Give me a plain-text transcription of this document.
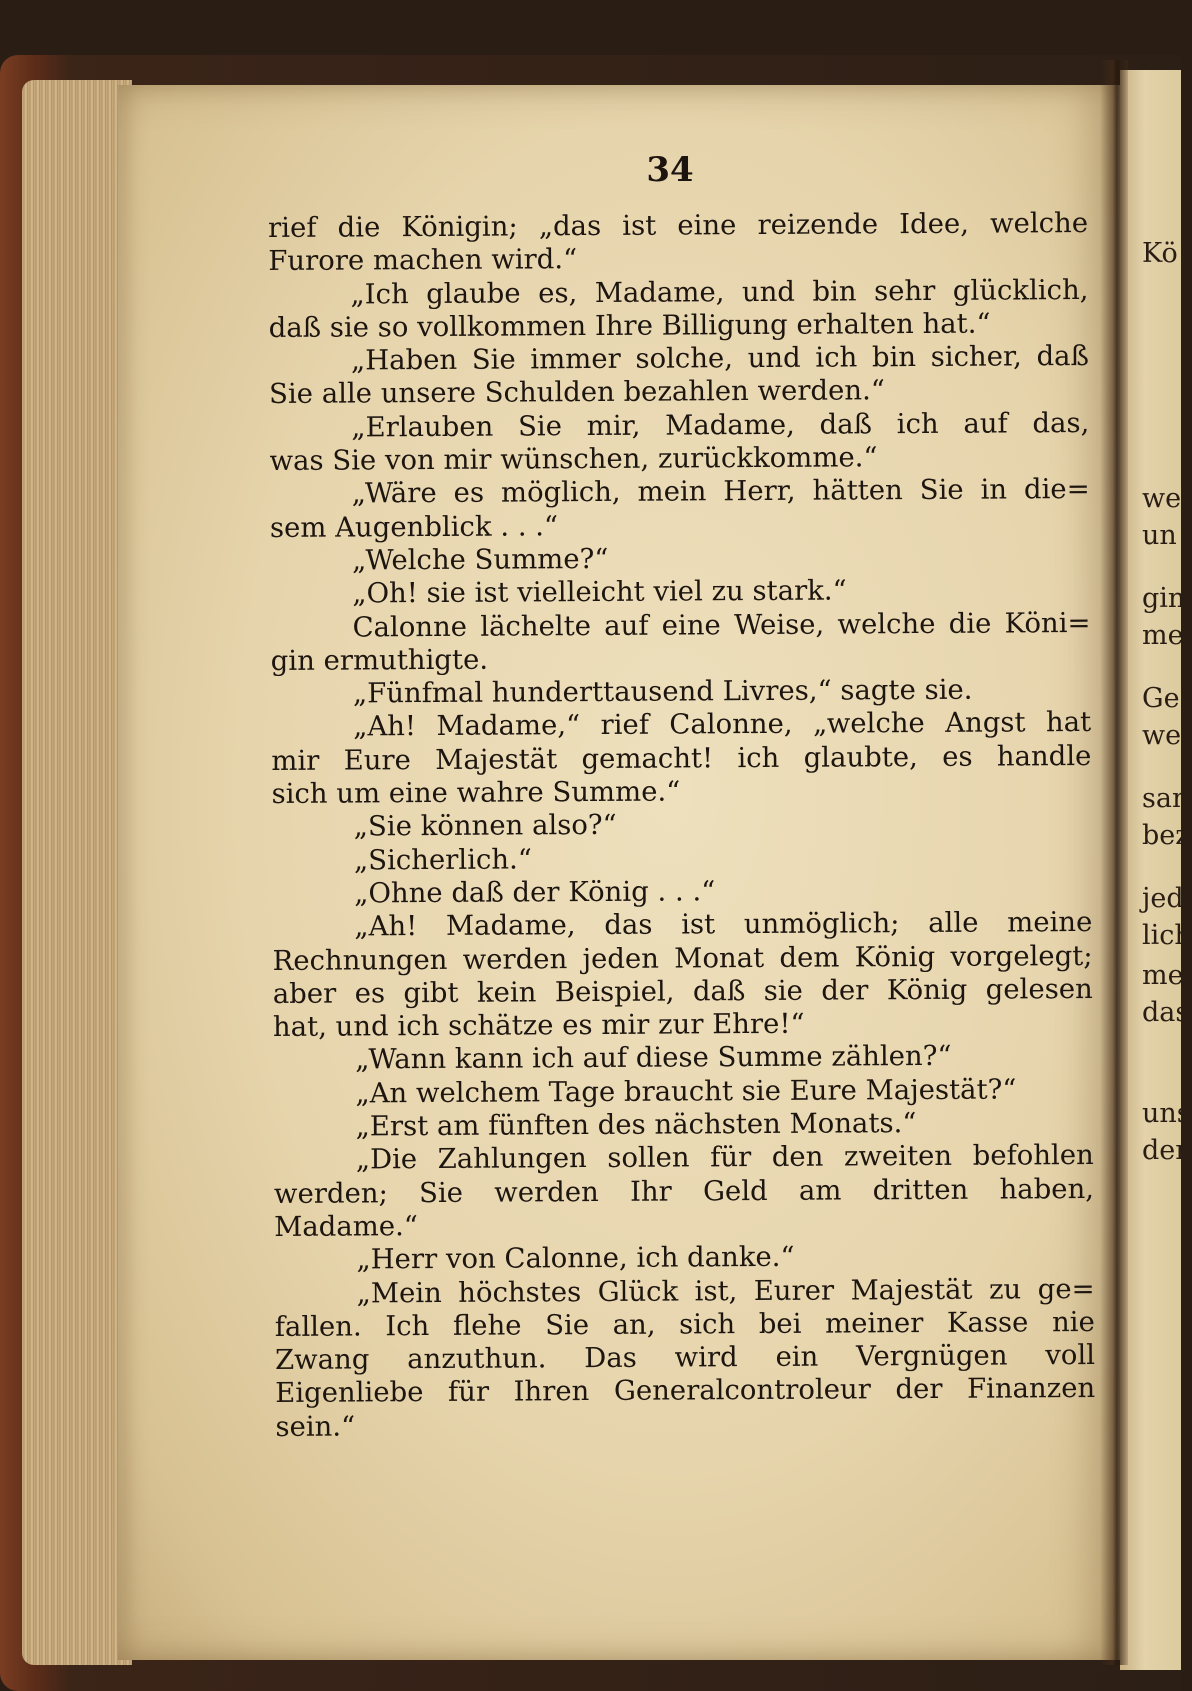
34
rief die Königin; „das ist eine reizende Idee, welche
Furore machen wird.“
„Ich glaube es, Madame, und bin sehr glücklich,
daß sie so vollkommen Ihre Billigung erhalten hat.“
„Haben Sie immer solche, und ich bin sicher, daß
Sie alle unsere Schulden bezahlen werden.“
„Erlauben Sie mir, Madame, daß ich auf das,
was Sie von mir wünschen, zurückkomme.“
„Wäre es möglich, mein Herr, hätten Sie in die=
sem Augenblick . . .“
„Welche Summe?“
„Oh! sie ist vielleicht viel zu stark.“
Calonne lächelte auf eine Weise, welche die Köni=
gin ermuthigte.
„Fünfmal hunderttausend Livres,“ sagte sie.
„Ah! Madame,“ rief Calonne, „welche Angst hat
mir Eure Majestät gemacht! ich glaubte, es handle
sich um eine wahre Summe.“
„Sie können also?“
„Sicherlich.“
„Ohne daß der König . . .“
„Ah! Madame, das ist unmöglich; alle meine
Rechnungen werden jeden Monat dem König vorgelegt;
aber es gibt kein Beispiel, daß sie der König gelesen
hat, und ich schätze es mir zur Ehre!“
„Wann kann ich auf diese Summe zählen?“
„An welchem Tage braucht sie Eure Majestät?“
„Erst am fünften des nächsten Monats.“
„Die Zahlungen sollen für den zweiten befohlen
werden; Sie werden Ihr Geld am dritten haben,
Madame.“
„Herr von Calonne, ich danke.“
„Mein höchstes Glück ist, Eurer Majestät zu ge=
fallen. Ich flehe Sie an, sich bei meiner Kasse nie
Zwang anzuthun. Das wird ein Vergnügen voll
Eigenliebe für Ihren Generalcontroleur der Finanzen
sein.“
Kö
we
un
gin
me
Ge
we
san
bez
jed
lich
me
das
uns
der
